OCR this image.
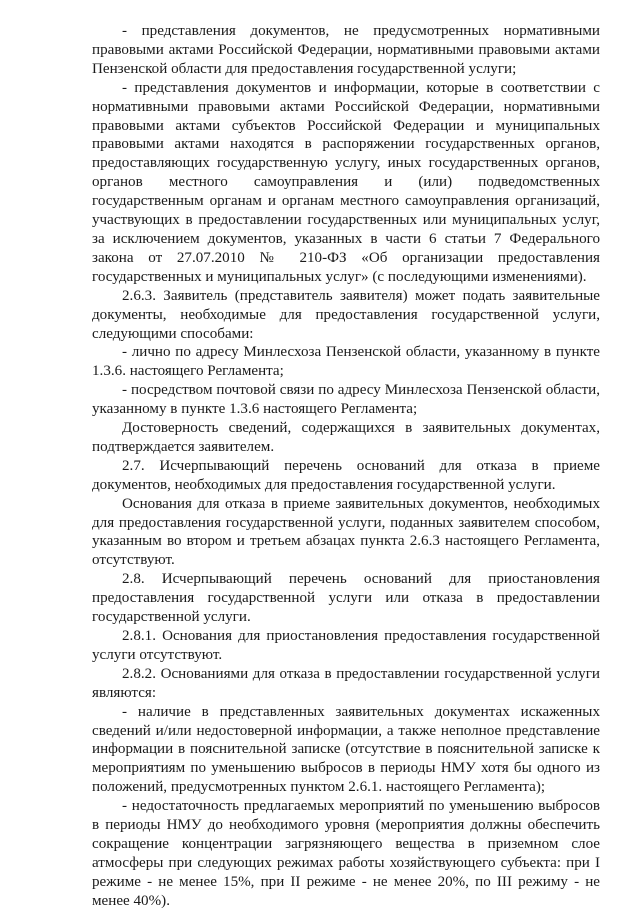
- представления документов, не предусмотренных нормативными правовыми актами Российской Федерации, нормативными правовыми актами Пензенской области для предоставления государственной услуги;

- представления документов и информации, которые в соответствии с нормативными правовыми актами Российской Федерации, нормативными правовыми актами субъектов Российской Федерации и муниципальных правовыми актами находятся в распоряжении государственных органов, предоставляющих государственную услугу, иных государственных органов, органов местного самоуправления и (или) подведомственных государственным органам и органам местного самоуправления организаций, участвующих в предоставлении государственных или муниципальных услуг, за исключением документов, указанных в части 6 статьи 7 Федерального закона от 27.07.2010 № 210-ФЗ «Об организации предоставления государственных и муниципальных услуг» (с последующими изменениями).

2.6.3. Заявитель (представитель заявителя) может подать заявительные документы, необходимые для предоставления государственной услуги, следующими способами:

- лично по адресу Минлесхоза Пензенской области, указанному в пункте 1.3.6. настоящего Регламента;

- посредством почтовой связи по адресу Минлесхоза Пензенской области, указанному в пункте 1.3.6 настоящего Регламента;

Достоверность сведений, содержащихся в заявительных документах, подтверждается заявителем.

2.7. Исчерпывающий перечень оснований для отказа в приеме документов, необходимых для предоставления государственной услуги.

Основания для отказа в приеме заявительных документов, необходимых для предоставления государственной услуги, поданных заявителем способом, указанным во втором и третьем абзацах пункта 2.6.3 настоящего Регламента, отсутствуют.

2.8. Исчерпывающий перечень оснований для приостановления предоставления государственной услуги или отказа в предоставлении государственной услуги.

2.8.1. Основания для приостановления предоставления государственной услуги отсутствуют.

2.8.2. Основаниями для отказа в предоставлении государственной услуги являются:

- наличие в представленных заявительных документах искаженных сведений и/или недостоверной информации, а также неполное представление информации в пояснительной записке (отсутствие в пояснительной записке к мероприятиям по уменьшению выбросов в периоды НМУ хотя бы одного из положений, предусмотренных пунктом 2.6.1. настоящего Регламента);

- недостаточность предлагаемых мероприятий по уменьшению выбросов в периоды НМУ до необходимого уровня (мероприятия должны обеспечить сокращение концентрации загрязняющего вещества в приземном слое атмосферы при следующих режимах работы хозяйствующего субъекта: при I режиме - не менее 15%, при II режиме - не менее 20%, по III режиму - не менее 40%).
